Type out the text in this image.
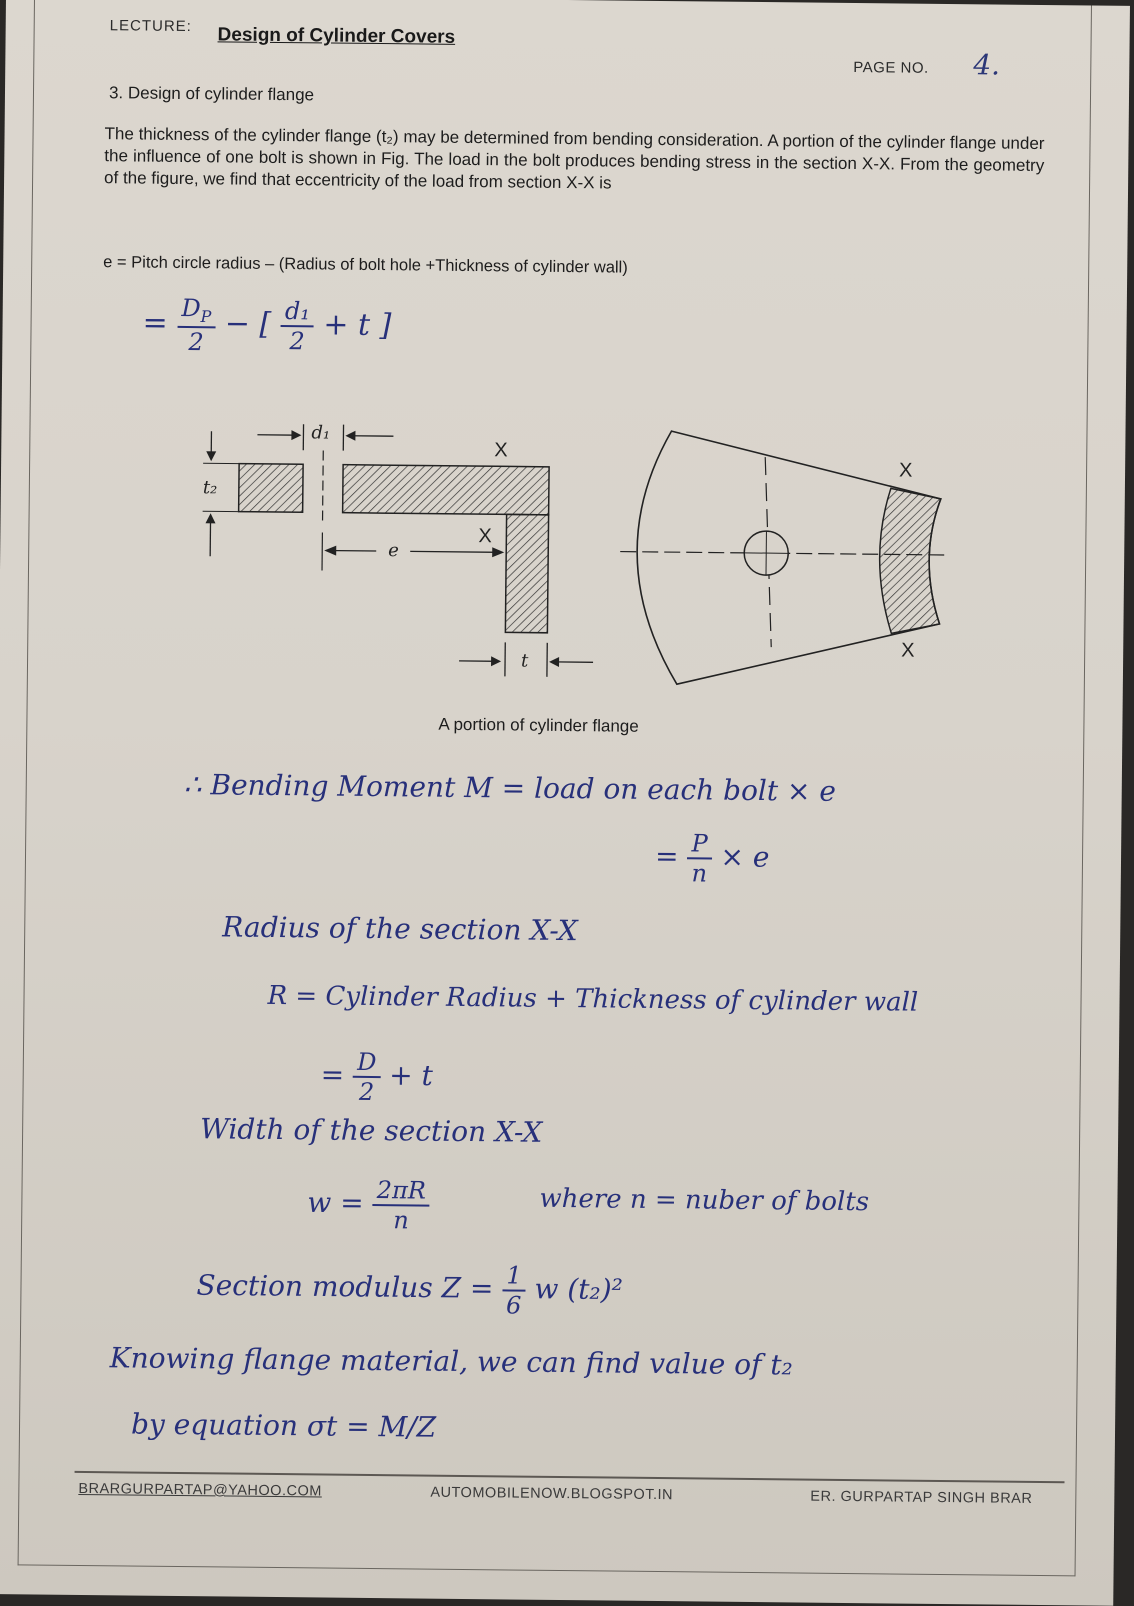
LECTURE: Design of Cylinder Covers
PAGE NO. 4.
3. Design of cylinder flange
The thickness of the cylinder flange (t₂) may be determined from bending consideration. A portion of the cylinder flange under the influence of one bolt is shown in Fig. The load in the bolt produces bending stress in the section X-X. From the geometry of the figure, we find that eccentricity of the load from section X-X is
e = Pitch circle radius – (Radius of bolt hole +Thickness of cylinder wall)
= $\frac{D_P}{2}$ − [ $\frac{\text{d₁}}{2} + t$ ]
t₂
d₁
e
X
X
t
X
X
A portion of cylinder flange
∴ Bending Moment M = load on each bolt × e
= $\frac{P}{n} \times e$
Radius of the section X-X
R = Cylinder Radius + Thickness of cylinder wall
= $\frac{D}{2} + t$
Width of the section X-X
$w = \frac{2\pi R}{n}$	where n = nuber of bolts
Section modulus $Z = \frac{1}{6}$ w (t₂)²
Knowing flange material, we can find value of t₂
by equation σt = M/Z
BRARGURPARTAP@YAHOO.COM	AUTOMOBILENOW.BLOGSPOT.IN	ER. GURPARTAP SINGH BRAR
